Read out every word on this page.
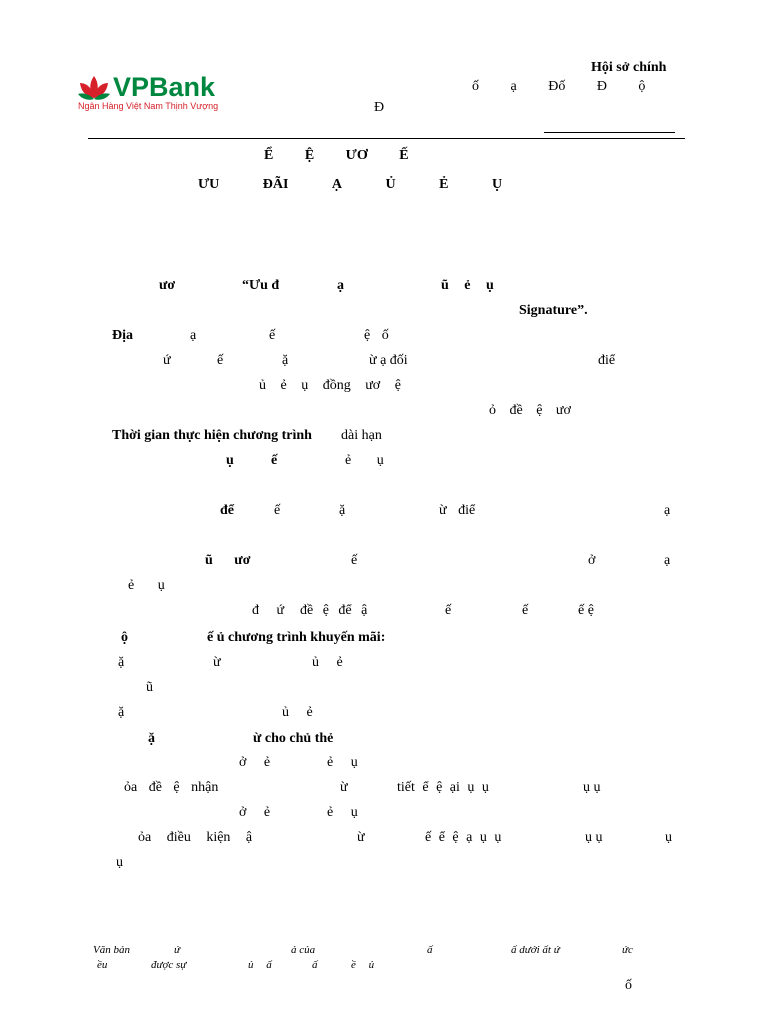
VPBank
Ngân Hàng Việt Nam Thịnh Vượng
Hội sở chính
ố ạ Đố Đ ộ
Đ
Ể Ệ ƯƠ Ế
ƯU ĐÃI Ạ Ủ Ẻ Ụ
ươ	“Ưu đ	ạ	ũ ẻ ụ
Signature”.
Địa	ạ	ế	ệ ố
ứ	ế	ặ	ừ ạ đối	điể
ủ ẻ ụ đồng ươ ệ
ỏ đề ệ ươ
Thời gian thực hiện chương trình dài hạn
ụ	ế	ẻ ụ
để	ế	ặ	ừ điể	ạ
ũ ươ	ế	ở	ạ
ẻ ụ
đ ứ đề ệ để ậ	ế	ế	ế ệ
ộ	ế ủ chương trình khuyến mãi:
ặ	ừ	ủ ẻ
ũ
ặ	ủ ẻ
ặ	ừ cho chủ thẻ
ở ẻ	ẻ ụ
ỏa đề ệ nhận	ừ	tiết ể ệ ại ụ ụ	ụ ụ
ở ẻ	ẻ ụ
ỏa điều kiện ậ	ừ	ế ể ệ ạ ụ ụ	ụ ụ	ụ
ụ
Văn bản	ứ	ả của	ấ	ấ dưới ất ứ	ức
ều	được sự	ủ ấ	ấ	ề ủ
ố
